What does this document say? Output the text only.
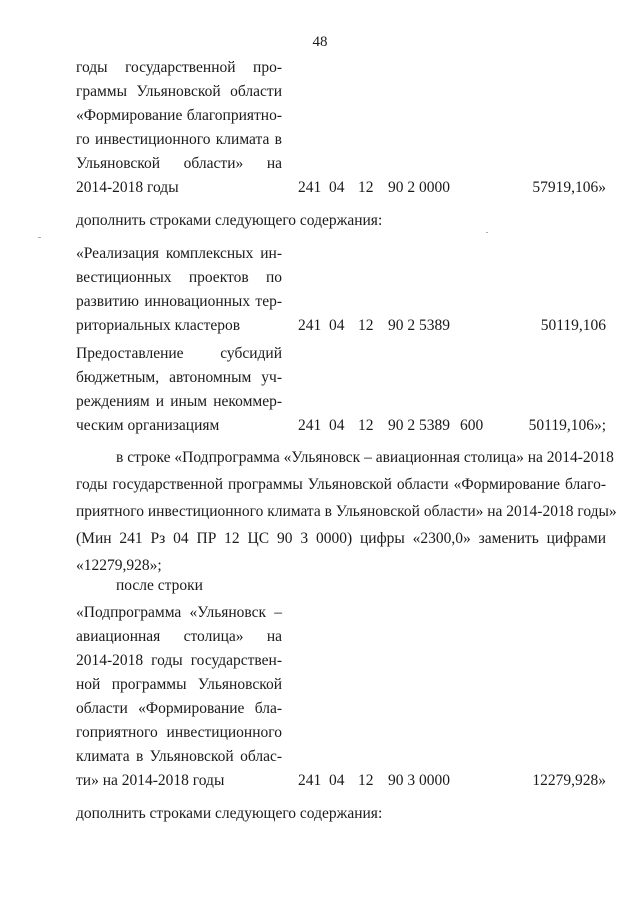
48
годы государственной про-
граммы Ульяновской области
«Формирование благоприятно-
го инвестиционного климата в
Ульяновской области» на
2014-2018 годы	241 04 12 90 2 0000	57919,106»
дополнить строками следующего содержания:
«Реализация комплексных ин-
вестиционных проектов по
развитию инновационных тер-
риториальных кластеров	241 04 12 90 2 5389	50119,106
Предоставление субсидий
бюджетным, автономным уч-
реждениям и иным некоммер-
ческим организациям	241 04 12 90 2 5389 600	50119,106»;
в строке «Подпрограмма «Ульяновск – авиационная столица» на 2014-2018
годы государственной программы Ульяновской области «Формирование благо-
приятного инвестиционного климата в Ульяновской области» на 2014-2018 годы»
(Мин 241 Рз 04 ПР 12 ЦС 90 3 0000) цифры «2300,0» заменить цифрами
«12279,928»;
после строки
«Подпрограмма «Ульяновск –
авиационная столица» на
2014-2018 годы государствен-
ной программы Ульяновской
области «Формирование бла-
гоприятного инвестиционного
климата в Ульяновской облас-
ти» на 2014-2018 годы	241 04 12 90 3 0000	12279,928»
дополнить строками следующего содержания:
